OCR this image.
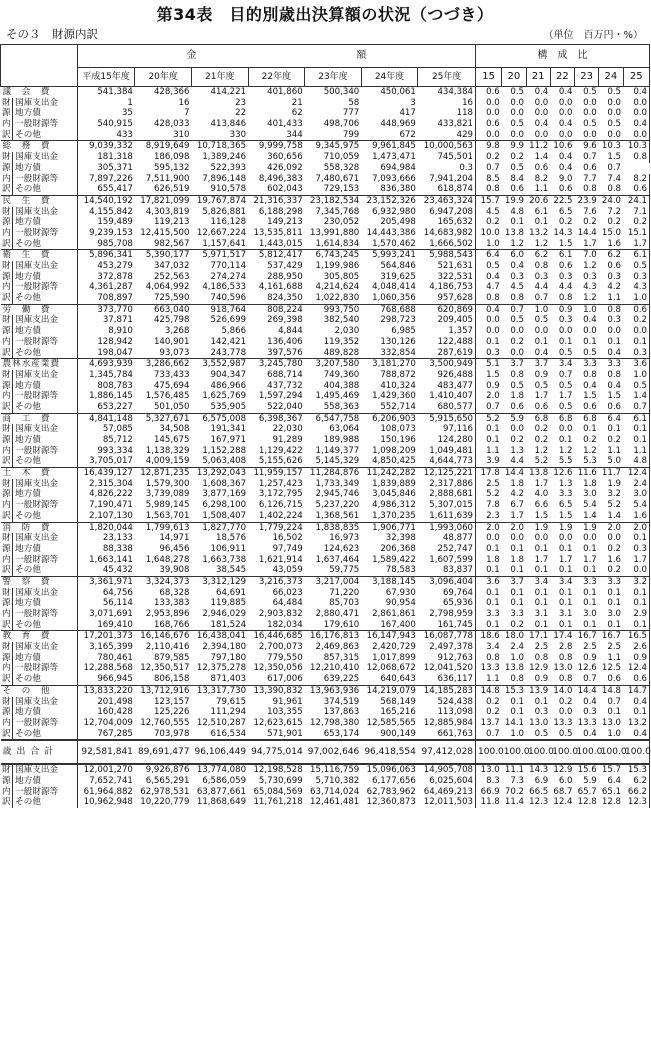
第34表　目的別歳出決算額の状況（つづき）
その３　財源内訳	（単位　百万円・%）
		金　　　　　　　　　　　　　　　　額							構　成　比						
		平成15年度	20年度	21年度	22年度	23年度	24年度	25年度	15	20	21	22	23	24	25
議　会　費		541,384	428,366	414,221	401,860	500,340	450,061	434,384	0.6	0.5	0.4	0.4	0.5	0.5	0.4
財	国庫支出金	1	16	23	21	58	3	16	0.0	0.0	0.0	0.0	0.0	0.0	0.0
源	地方債	35	7	22	62	777	417	118	0.0	0.0	0.0	0.0	0.0	0.0	0.0
内	一般財源等	540,915	428,033	413,846	401,433	498,706	448,969	433,821	0.6	0.5	0.4	0.4	0.5	0.5	0.4
訳	その他	433	310	330	344	799	672	429	0.0	0.0	0.0	0.0	0.0	0.0	0.0
総　務　費		9,039,332	8,919,649	10,718,365	9,999,758	9,345,975	9,961,845	10,000,563	9.8	9.9	11.2	10.6	9.6	10.3	10.3
財	国庫支出金	181,318	186,098	1,389,246	360,656	710,059	1,473,471	745,501	0.2	0.2	1.4	0.4	0.7	1.5	0.8
源	地方債	305,371	595,132	522,393	426,092	558,328	694,984	0.3	0.7	0.5	0.6	0.4	0.6	0.7	
内	一般財源等	7,897,226	7,511,900	7,896,148	8,496,383	7,480,671	7,093,666	7,941,204	8.5	8.4	8.2	9.0	7.7	7.4	8.2
訳	その他	655,417	626,519	910,578	602,043	729,153	836,380	618,874	0.8	0.6	1.1	0.6	0.8	0.8	0.6
民　生　費		14,540,192	17,821,099	19,767,874	21,316,337	23,182,534	23,152,326	23,463,324	15.7	19.9	20.6	22.5	23.9	24.0	24.1
財	国庫支出金	4,155,842	4,303,819	5,826,881	6,188,298	7,345,768	6,932,980	6,947,208	4.5	4.8	6.1	6.5	7.6	7.2	7.1
源	地方債	159,489	119,213	116,128	149,213	230,052	205,498	165,632	0.2	0.1	0.1	0.2	0.2	0.2	0.2
内	一般財源等	9,239,153	12,415,500	12,667,224	13,535,811	13,991,880	14,443,386	14,683,982	10.0	13.8	13.2	14.3	14.4	15.0	15.1
訳	その他	985,708	982,567	1,157,641	1,443,015	1,614,834	1,570,462	1,666,502	1.0	1.2	1.2	1.5	1.7	1.6	1.7
衛　生　費		5,896,341	5,390,177	5,971,517	5,812,417	6,743,245	5,993,241	5,988,543	6.4	6.0	6.2	6.1	7.0	6.2	6.1
財	国庫支出金	453,279	347,032	770,114	537,429	1,199,986	564,846	521,631	0.5	0.4	0.8	0.6	1.2	0.6	0.5
源	地方債	372,878	252,563	274,274	288,950	305,805	319,625	322,531	0.4	0.3	0.3	0.3	0.3	0.3	0.3
内	一般財源等	4,361,287	4,064,992	4,186,533	4,161,688	4,214,624	4,048,414	4,186,753	4.7	4.5	4.4	4.4	4.3	4.2	4.3
訳	その他	708,897	725,590	740,596	824,350	1,022,830	1,060,356	957,628	0.8	0.8	0.7	0.8	1.2	1.1	1.0
労　働　費		373,770	663,040	918,764	808,224	993,750	768,688	620,869	0.4	0.7	1.0	0.9	1.0	0.8	0.6
財	国庫支出金	37,871	425,798	526,699	269,398	382,540	298,723	209,405	0.0	0.5	0.5	0.3	0.4	0.3	0.2
源	地方債	8,910	3,268	5,866	4,844	2,030	6,985	1,357	0.0	0.0	0.0	0.0	0.0	0.0	0.0
内	一般財源等	128,942	140,901	142,421	136,406	119,352	130,126	122,488	0.1	0.2	0.1	0.1	0.1	0.1	0.1
訳	その他	198,047	93,073	243,778	397,576	489,828	332,854	287,619	0.3	0.0	0.4	0.5	0.5	0.4	0.3
農林水産業費		4,693,939	3,286,662	3,552,987	3,245,780	3,207,580	3,181,270	3,500,949	5.1	3.7	3.7	3.4	3.3	3.3	3.6
財	国庫支出金	1,345,784	733,433	904,347	688,714	749,360	788,872	926,488	1.5	0.8	0.9	0.7	0.8	0.8	1.0
源	地方債	808,783	475,694	486,966	437,732	404,388	410,324	483,477	0.9	0.5	0.5	0.5	0.4	0.4	0.5
内	一般財源等	1,886,145	1,576,485	1,625,769	1,597,294	1,495,469	1,429,360	1,410,407	2.0	1.8	1.7	1.7	1.5	1.5	1.4
訳	その他	653,227	501,050	535,905	522,040	558,363	552,714	680,577	0.7	0.6	0.6	0.5	0.6	0.6	0.7
商　工　費		4,841,148	5,327,671	6,575,008	6,398,367	6,547,758	6,206,903	5,915,650	5.2	5.9	6.8	6.8	6.8	6.4	6.1
財	国庫支出金	57,085	34,508	191,341	22,030	63,064	108,073	97,116	0.1	0.0	0.2	0.0	0.1	0.1	0.1
源	地方債	85,712	145,675	167,971	91,289	189,988	150,196	124,280	0.1	0.2	0.2	0.1	0.2	0.2	0.1
内	一般財源等	993,334	1,138,329	1,152,288	1,129,422	1,149,377	1,098,209	1,049,481	1.1	1.3	1.2	1.2	1.2	1.1	1.1
訳	その他	3,705,017	4,009,159	5,063,408	5,155,626	5,145,329	4,850,425	4,644,773	3.9	4.4	5.2	5.5	5.3	5.0	4.8
土　木　費		16,439,127	12,871,235	13,292,043	11,959,157	11,284,876	11,242,282	12,125,221	17.8	14.4	13.8	12.6	11.6	11.7	12.4
財	国庫支出金	2,315,304	1,579,300	1,608,367	1,257,423	1,733,349	1,839,889	2,317,886	2.5	1.8	1.7	1.3	1.8	1.9	2.4
源	地方債	4,826,222	3,739,089	3,877,169	3,172,795	2,945,746	3,045,846	2,888,681	5.2	4.2	4.0	3.3	3.0	3.2	3.0
内	一般財源等	7,190,471	5,989,145	6,298,100	6,126,715	5,237,220	4,986,312	5,307,015	7.8	6.7	6.6	6.5	5.4	5.2	5.4
訳	その他	2,107,130	1,563,701	1,508,407	1,402,224	1,368,561	1,370,235	1,611,639	2.3	1.7	1.5	1.5	1.4	1.4	1.6
消　防　費		1,820,044	1,799,613	1,827,770	1,779,224	1,838,835	1,906,771	1,993,060	2.0	2.0	1.9	1.9	1.9	2.0	2.0
財	国庫支出金	23,133	14,971	18,576	16,502	16,973	32,398	48,877	0.0	0.0	0.0	0.0	0.0	0.0	0.1
源	地方債	88,338	96,456	106,911	97,749	124,623	206,368	252,747	0.1	0.1	0.1	0.1	0.1	0.2	0.3
内	一般財源等	1,663,141	1,648,278	1,663,738	1,621,914	1,637,464	1,589,422	1,607,599	1.8	1.8	1.7	1.7	1.7	1.6	1.7
訳	その他	45,432	39,908	38,545	43,059	59,775	78,583	83,837	0.1	0.1	0.1	0.1	0.1	0.2	0.0
警　察　費		3,361,971	3,324,373	3,312,129	3,216,373	3,217,004	3,188,145	3,096,404	3.6	3.7	3.4	3.4	3.3	3.3	3.2
財	国庫支出金	64,756	68,328	64,691	66,023	71,220	67,930	69,764	0.1	0.1	0.1	0.1	0.1	0.1	0.1
源	地方債	56,114	133,383	119,885	64,484	85,703	90,954	65,936	0.1	0.1	0.1	0.1	0.1	0.1	0.1
内	一般財源等	3,071,691	2,953,896	2,946,029	2,903,832	2,880,471	2,861,861	2,798,959	3.3	3.3	3.1	3.1	3.0	3.0	2.9
訳	その他	169,410	168,766	181,524	182,034	179,610	167,400	161,745	0.1	0.2	0.1	0.1	0.1	0.1	0.1
教　育　費		17,201,373	16,146,676	16,438,041	16,446,685	16,176,813	16,147,943	16,087,778	18.6	18.0	17.1	17.4	16.7	16.7	16.5
財	国庫支出金	3,165,399	2,110,416	2,394,180	2,700,073	2,469,863	2,420,729	2,497,378	3.4	2.4	2.5	2.8	2.5	2.5	2.6
源	地方債	780,461	879,585	797,180	779,550	857,315	1,017,899	912,763	0.8	1.0	0.8	0.8	0.9	1.1	0.9
内	一般財源等	12,288,568	12,350,517	12,375,278	12,350,056	12,210,410	12,068,672	12,041,520	13.3	13.8	12.9	13.0	12.6	12.5	12.4
訳	その他	966,945	806,158	871,403	617,006	639,225	640,643	636,117	1.1	0.8	0.9	0.8	0.7	0.6	0.6
そ　の　他		13,833,220	13,712,916	13,317,730	13,390,832	13,963,936	14,219,079	14,185,283	14.8	15.3	13.9	14.0	14.4	14.8	14.7
財	国庫支出金	201,498	123,157	79,615	91,961	374,519	568,149	524,438	0.2	0.1	0.1	0.2	0.4	0.7	0.4
源	地方債	160,428	125,226	111,294	103,355	137,863	165,216	113,098	0.2	0.1	0.3	0.0	0.3	0.1	0.1
内	一般財源等	12,704,009	12,760,555	12,510,287	12,623,615	12,798,380	12,585,565	12,885,984	13.7	14.1	13.0	13.3	13.3	13.0	13.2
訳	その他	767,285	703,978	616,534	571,901	653,174	900,149	661,763	0.7	1.0	0.5	0.5	0.4	1.0	0.4
歳 出 合 計		92,581,841	89,691,477	96,106,449	94,775,014	97,002,646	96,418,554	97,412,028	100.0	100.0	100.0	100.0	100.0	100.0	100.0
財	国庫支出金	12,001,270	9,926,876	13,774,080	12,198,528	15,116,759	15,096,063	14,905,708	13.0	11.1	14.3	12.9	15.6	15.7	15.3
源	地方債	7,652,741	6,565,291	6,586,059	5,730,699	5,710,382	6,177,656	6,025,604	8.3	7.3	6.9	6.0	5.9	6.4	6.2
内	一般財源等	61,964,882	62,978,531	63,877,661	65,084,569	63,714,024	62,783,962	64,469,213	66.9	70.2	66.5	68.7	65.7	65.1	66.2
訳	その他	10,962,948	10,220,779	11,868,649	11,761,218	12,461,481	12,360,873	12,011,503	11.8	11.4	12.3	12.4	12.8	12.8	12.3
